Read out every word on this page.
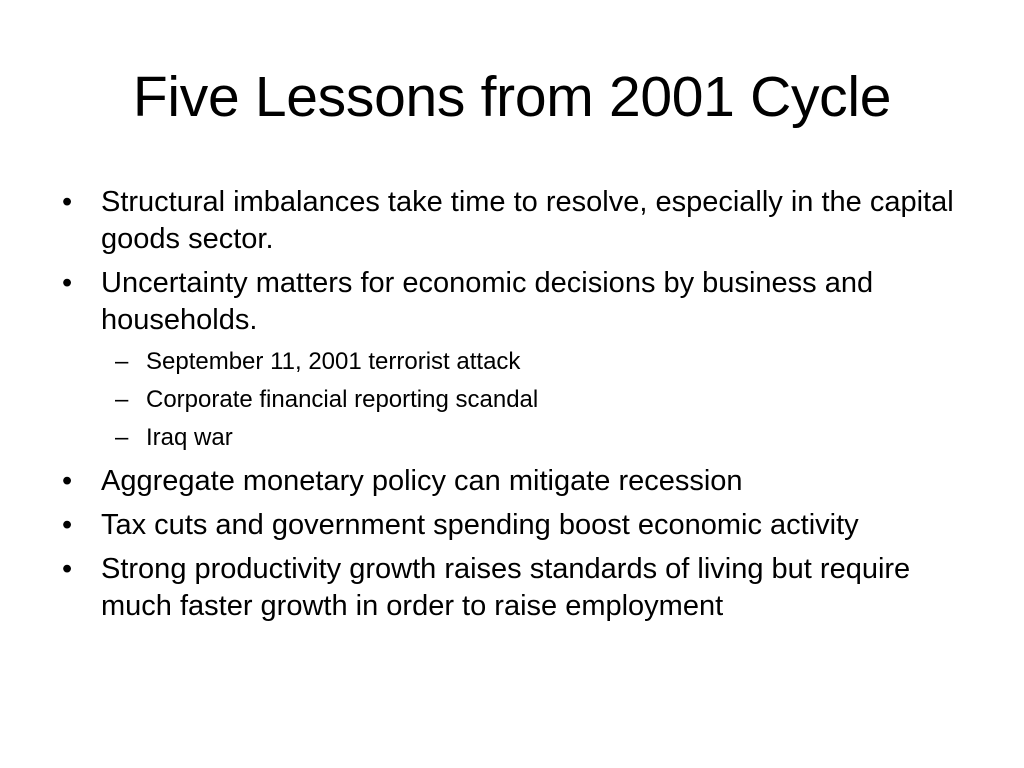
Five Lessons from 2001 Cycle
• Structural imbalances take time to resolve, especially in the capital goods sector.
• Uncertainty matters for economic decisions by business and households.
– September 11, 2001 terrorist attack
– Corporate financial reporting scandal
– Iraq war
• Aggregate monetary policy can mitigate recession
• Tax cuts and government spending boost economic activity
• Strong productivity growth raises standards of living but require much faster growth in order to raise employment
